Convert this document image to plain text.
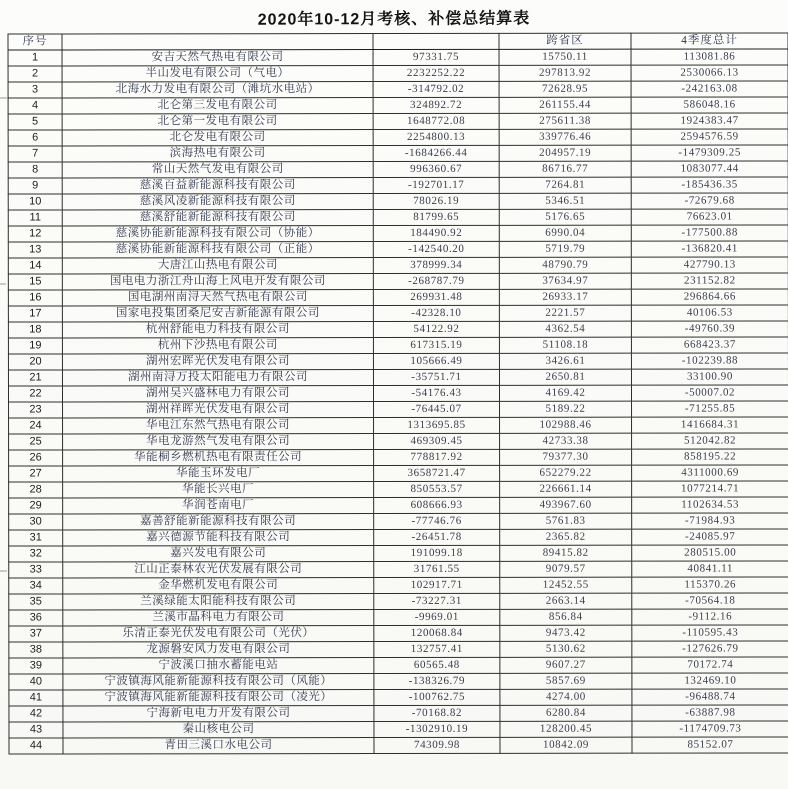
2020年10-12月考核、补偿总结算表
序号			跨省区	4季度总计
1	安吉天然气热电有限公司	97331.75	15750.11	113081.86
2	半山发电有限公司（气电）	2232252.22	297813.92	2530066.13
3	北海水力发电有限公司（滩坑水电站）	-314792.02	72628.95	-242163.08
4	北仑第三发电有限公司	324892.72	261155.44	586048.16
5	北仑第一发电有限公司	1648772.08	275611.38	1924383.47
6	北仑发电有限公司	2254800.13	339776.46	2594576.59
7	滨海热电有限公司	-1684266.44	204957.19	-1479309.25
8	常山天然气发电有限公司	996360.67	86716.77	1083077.44
9	慈溪百益新能源科技有限公司	-192701.17	7264.81	-185436.35
10	慈溪风凌新能源科技有限公司	78026.19	5346.51	-72679.68
11	慈溪舒能新能源科技有限公司	81799.65	5176.65	76623.01
12	慈溪协能新能源科技有限公司（协能）	184490.92	6990.04	-177500.88
13	慈溪协能新能源科技有限公司（正能）	-142540.20	5719.79	-136820.41
14	大唐江山热电有限公司	378999.34	48790.79	427790.13
15	国电电力浙江舟山海上风电开发有限公司	-268787.79	37634.97	231152.82
16	国电湖州南浔天然气热电有限公司	269931.48	26933.17	296864.66
17	国家电投集团桑尼安吉新能源有限公司	-42328.10	2221.57	40106.53
18	杭州舒能电力科技有限公司	54122.92	4362.54	-49760.39
19	杭州下沙热电有限公司	617315.19	51108.18	668423.37
20	湖州宏晖光伏发电有限公司	105666.49	3426.61	-102239.88
21	湖州南浔万投太阳能电力有限公司	-35751.71	2650.81	33100.90
22	湖州吴兴盛林电力有限公司	-54176.43	4169.42	-50007.02
23	湖州祥晖光伏发电有限公司	-76445.07	5189.22	-71255.85
24	华电江东然气热电有限公司	1313695.85	102988.46	1416684.31
25	华电龙游然气发电有限公司	469309.45	42733.38	512042.82
26	华能桐乡燃机热电有限责任公司	778817.92	79377.30	858195.22
27	华能玉环发电厂	3658721.47	652279.22	4311000.69
28	华能长兴电厂	850553.57	226661.14	1077214.71
29	华润苍南电厂	608666.93	493967.60	1102634.53
30	嘉善舒能新能源科技有限公司	-77746.76	5761.83	-71984.93
31	嘉兴德源节能科技有限公司	-26451.78	2365.82	-24085.97
32	嘉兴发电有限公司	191099.18	89415.82	280515.00
33	江山正泰林农光伏发展有限公司	31761.55	9079.57	40841.11
34	金华燃机发电有限公司	102917.71	12452.55	115370.26
35	兰溪绿能太阳能科技有限公司	-73227.31	2663.14	-70564.18
36	兰溪市晶科电力有限公司	-9969.01	856.84	-9112.16
37	乐清正泰光伏发电有限公司（光伏）	120068.84	9473.42	-110595.43
38	龙源磐安风力发电有限公司	132757.41	5130.62	-127626.79
39	宁波溪口抽水蓄能电站	60565.48	9607.27	70172.74
40	宁波镇海风能新能源科技有限公司（风能）	-138326.79	5857.69	132469.10
41	宁波镇海风能新能源科技有限公司（凌光）	-100762.75	4274.00	-96488.74
42	宁海新电电力开发有限公司	-70168.82	6280.84	-63887.98
43	秦山核电公司	-1302910.19	128200.45	-1174709.73
44	青田三溪口水电公司	74309.98	10842.09	85152.07
